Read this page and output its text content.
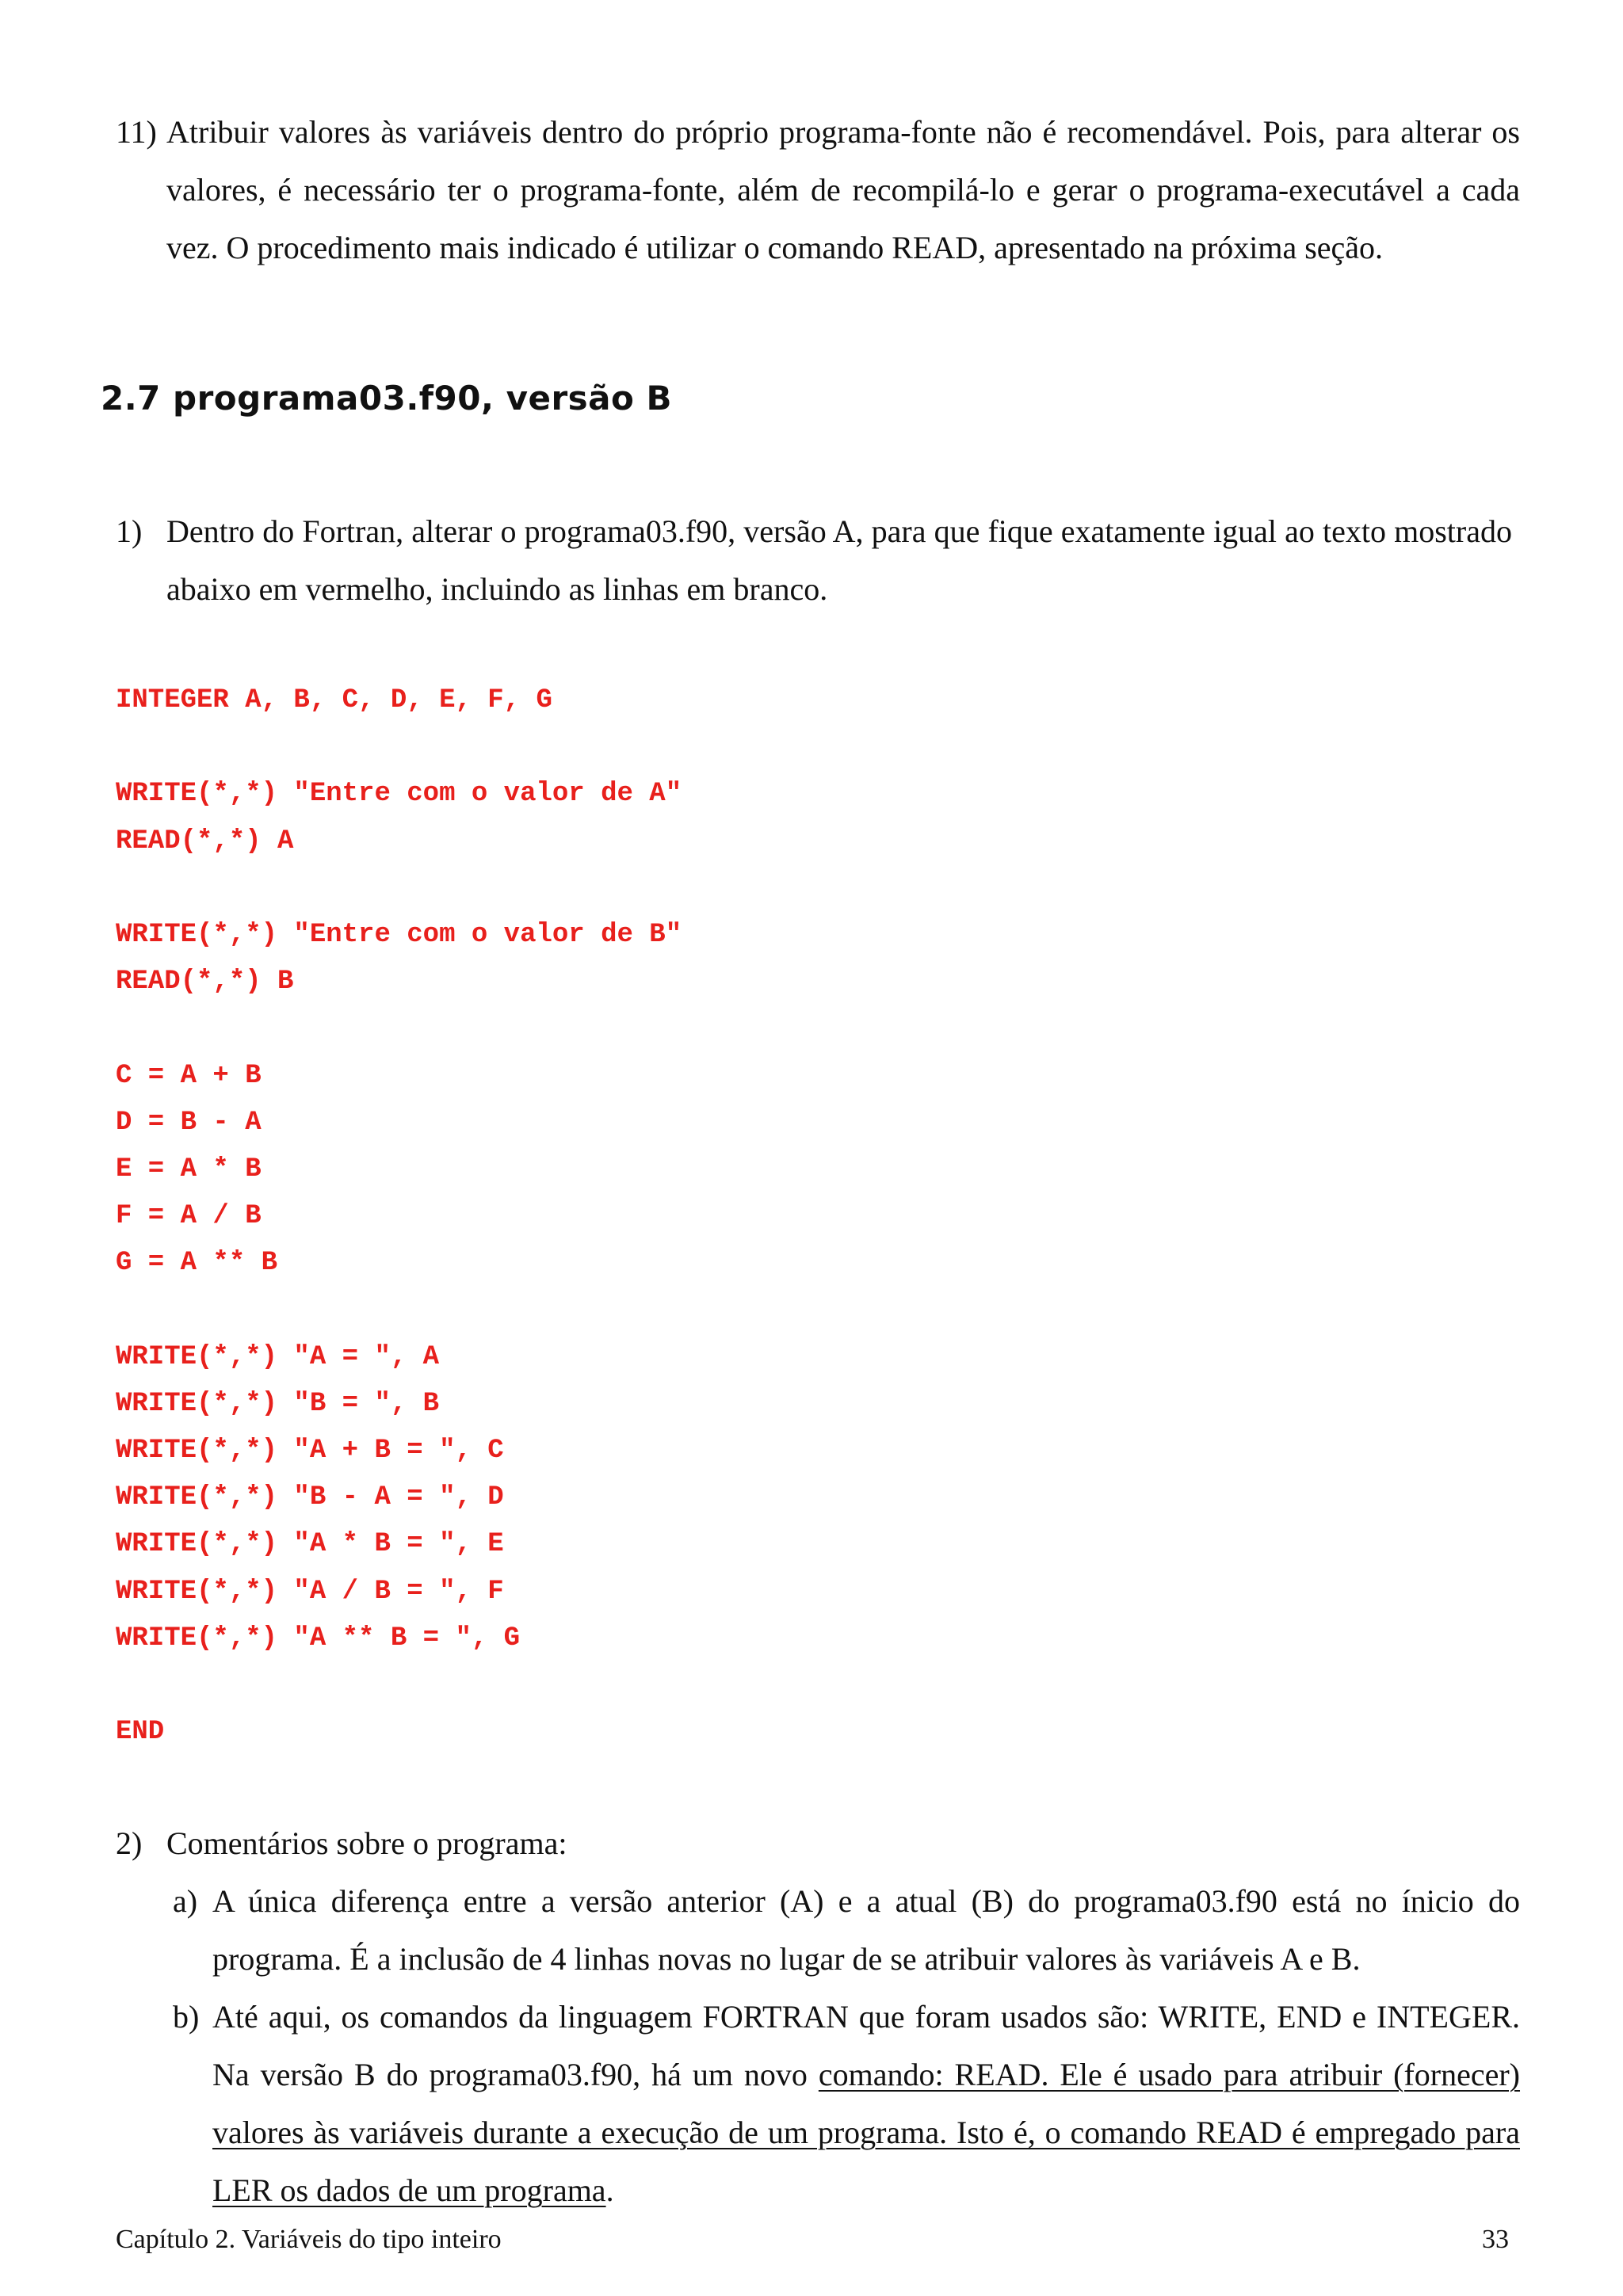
11) Atribuir valores às variáveis dentro do próprio programa-fonte não é recomendável. Pois, para alterar os valores, é necessário ter o programa-fonte, além de recompilá-lo e gerar o programa-executável a cada vez. O procedimento mais indicado é utilizar o comando READ, apresentado na próxima seção.
2.7 programa03.f90, versão B
1) Dentro do Fortran, alterar o programa03.f90, versão A, para que fique exatamente igual ao texto mostrado abaixo em vermelho, incluindo as linhas em branco.
INTEGER A, B, C, D, E, F, G
WRITE(*,*) "Entre com o valor de A"
READ(*,*) A
WRITE(*,*) "Entre com o valor de B"
READ(*,*) B
C = A + B
D = B - A
E = A * B
F = A / B
G = A ** B
WRITE(*,*) "A = ", A
WRITE(*,*) "B = ", B
WRITE(*,*) "A + B = ", C
WRITE(*,*) "B - A = ", D
WRITE(*,*) "A * B = ", E
WRITE(*,*) "A / B = ", F
WRITE(*,*) "A ** B = ", G
END
2) Comentários sobre o programa:
a) A única diferença entre a versão anterior (A) e a atual (B) do programa03.f90 está no ínicio do programa. É a inclusão de 4 linhas novas no lugar de se atribuir valores às variáveis A e B.
b) Até aqui, os comandos da linguagem FORTRAN que foram usados são: WRITE, END e INTEGER. Na versão B do programa03.f90, há um novo comando: READ. Ele é usado para atribuir (fornecer) valores às variáveis durante a execução de um programa. Isto é, o comando READ é empregado para LER os dados de um programa.
Capítulo 2. Variáveis do tipo inteiro	33
